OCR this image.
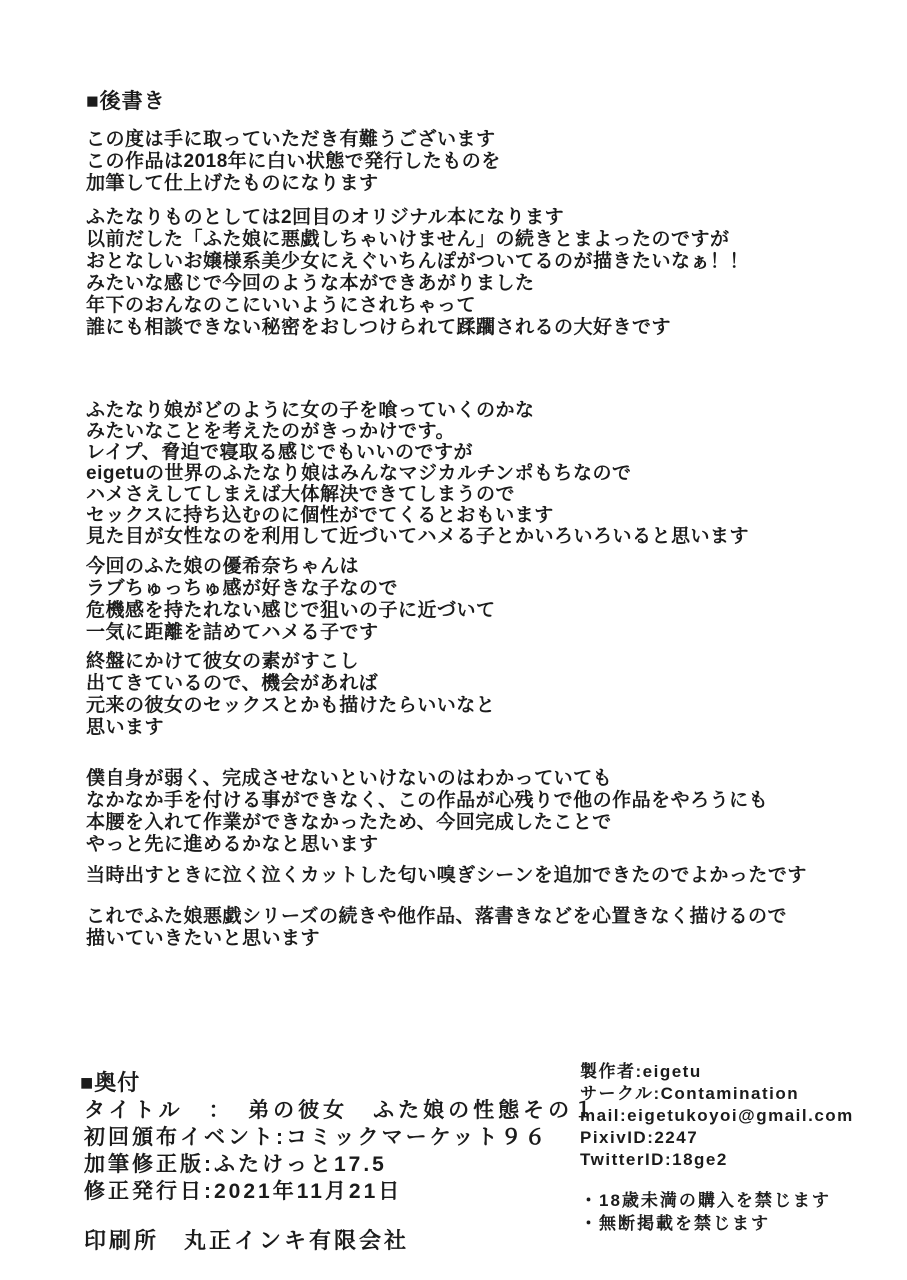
■後書き
この度は手に取っていただき有難うございます
この作品は2018年に白い状態で発行したものを
加筆して仕上げたものになります
ふたなりものとしては2回目のオリジナル本になります
以前だした「ふた娘に悪戯しちゃいけません」の続きとまよったのですが
おとなしいお嬢様系美少女にえぐいちんぽがついてるのが描きたいなぁ！！
みたいな感じで今回のような本ができあがりました
年下のおんなのこにいいようにされちゃって
誰にも相談できない秘密をおしつけられて蹂躙されるの大好きです
ふたなり娘がどのように女の子を喰っていくのかな
みたいなことを考えたのがきっかけです。
レイプ、脅迫で寝取る感じでもいいのですが
eigetuの世界のふたなり娘はみんなマジカルチンポもちなので
ハメさえしてしまえば大体解決できてしまうので
セックスに持ち込むのに個性がでてくるとおもいます
見た目が女性なのを利用して近づいてハメる子とかいろいろいると思います
今回のふた娘の優希奈ちゃんは
ラブちゅっちゅ感が好きな子なので
危機感を持たれない感じで狙いの子に近づいて
一気に距離を詰めてハメる子です
終盤にかけて彼女の素がすこし
出てきているので、機会があれば
元来の彼女のセックスとかも描けたらいいなと
思います
僕自身が弱く、完成させないといけないのはわかっていても
なかなか手を付ける事ができなく、この作品が心残りで他の作品をやろうにも
本腰を入れて作業ができなかったため、今回完成したことで
やっと先に進めるかなと思います
当時出すときに泣く泣くカットした匂い嗅ぎシーンを追加できたのでよかったです
これでふた娘悪戯シリーズの続きや他作品、落書きなどを心置きなく描けるので
描いていきたいと思います
■奥付
タイトル　：　弟の彼女　ふた娘の性態その１
初回頒布イベント:コミックマーケット９６
加筆修正版:ふたけっと17.5
修正発行日:2021年11月21日
印刷所　丸正インキ有限会社
製作者:eigetu
サークル:Contamination
mail:eigetukoyoi@gmail.com
PixivID:2247
TwitterID:18ge2
・18歳未満の購入を禁じます
・無断掲載を禁じます
